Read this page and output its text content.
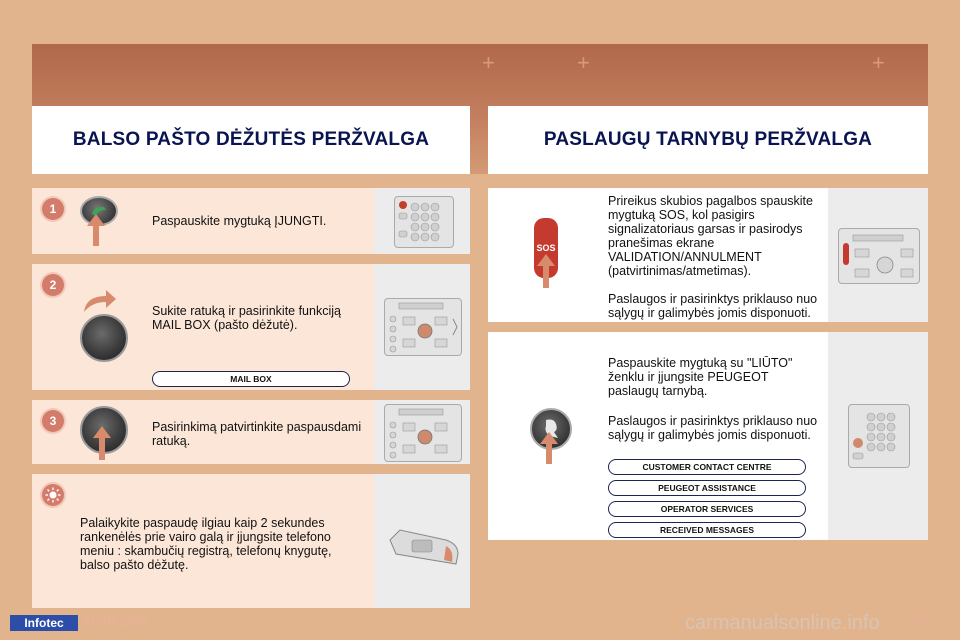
+	+	+
BALSO PAŠTO DĖŽUTĖS PERŽVALGA	PASLAUGŲ TARNYBŲ PERŽVALGA
1
Paspauskite mygtuką ĮJUNGTI.
2
Sukite ratuką ir pasirinkite funkciją MAIL BOX (pašto dėžutė).
MAIL BOX
3	Pasirinkimą patvirtinkite paspausdami ratuką.
Palaikykite paspaudę ilgiau kaip 2 sekundes rankenėlės prie vairo galą ir įjungsite telefono meniu : skambučių registrą, telefonų knygutę, balso pašto dėžutę.
SOS
Prireikus skubios pagalbos spauskite mygtuką SOS, kol pasigirs signalizatoriaus garsas ir pasirodys pranešimas ekrane VALIDATION/ANNULMENT (patvirtinimas/atmetimas).
Paslaugos ir pasirinktys priklauso nuo sąlygų ir galimybės jomis disponuoti.
Paspauskite mygtuką su "LIŪTO" ženklu ir įjungsite PEUGEOT paslaugų tarnybą.
Paslaugos ir pasirinktys priklauso nuo sąlygų ir galimybės jomis disponuoti.
CUSTOMER CONTACT CENTRE
PEUGEOT ASSISTANCE
OPERATOR SERVICES
RECEIVED MESSAGES
Infotec	01-10-2005	carmanualsonline.info 11
